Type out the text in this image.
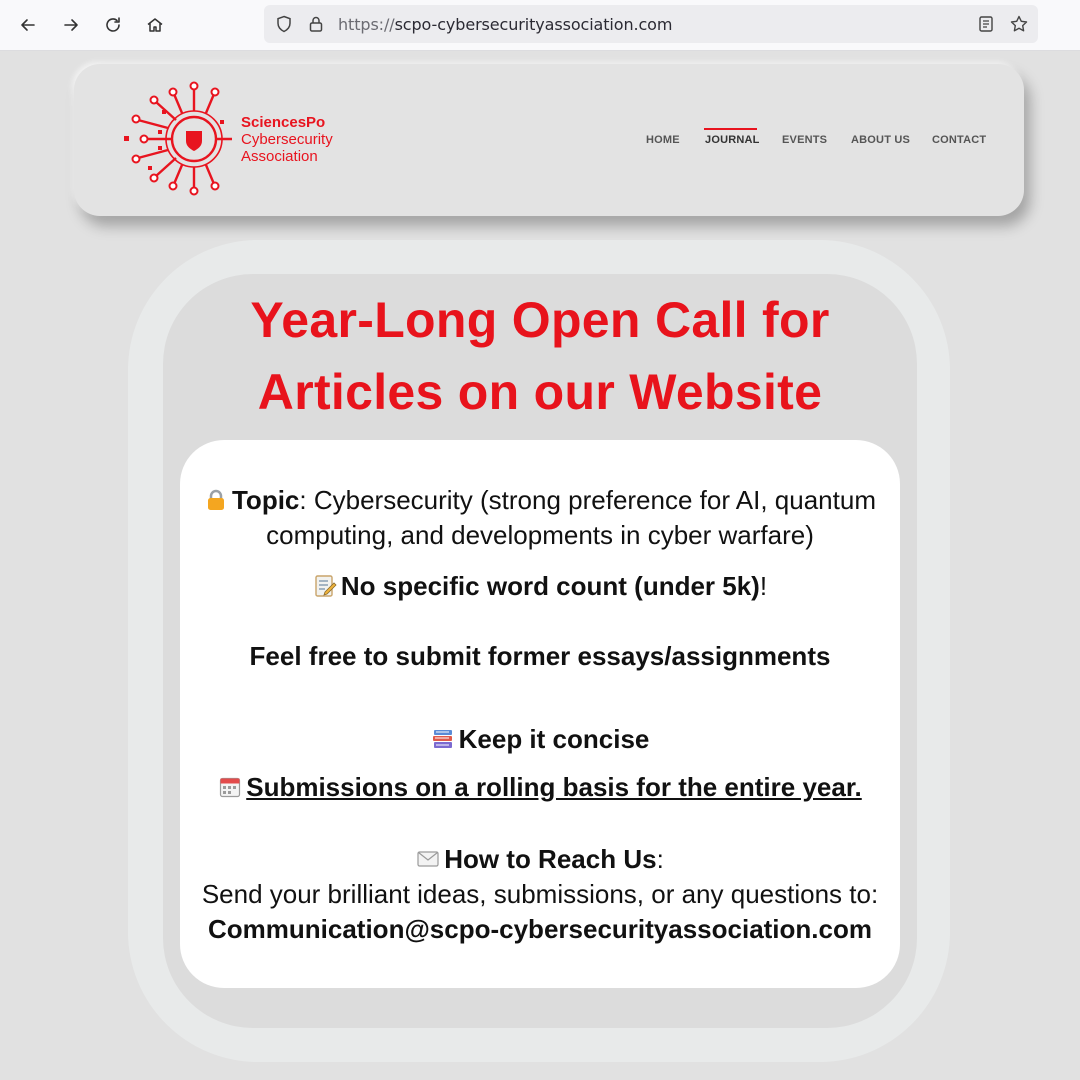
https://scpo-cybersecurityassociation.com
SciencesPo
Cybersecurity
Association
HOME JOURNAL EVENTS ABOUT US CONTACT
Year-Long Open Call for
Articles on our Website
Topic: Cybersecurity (strong preference for AI, quantum
computing, and developments in cyber warfare)
No specific word count (under 5k)!
Feel free to submit former essays/assignments
Keep it concise
Submissions on a rolling basis for the entire year.
How to Reach Us:
Send your brilliant ideas, submissions, or any questions to:
Communication@scpo-cybersecurityassociation.com
